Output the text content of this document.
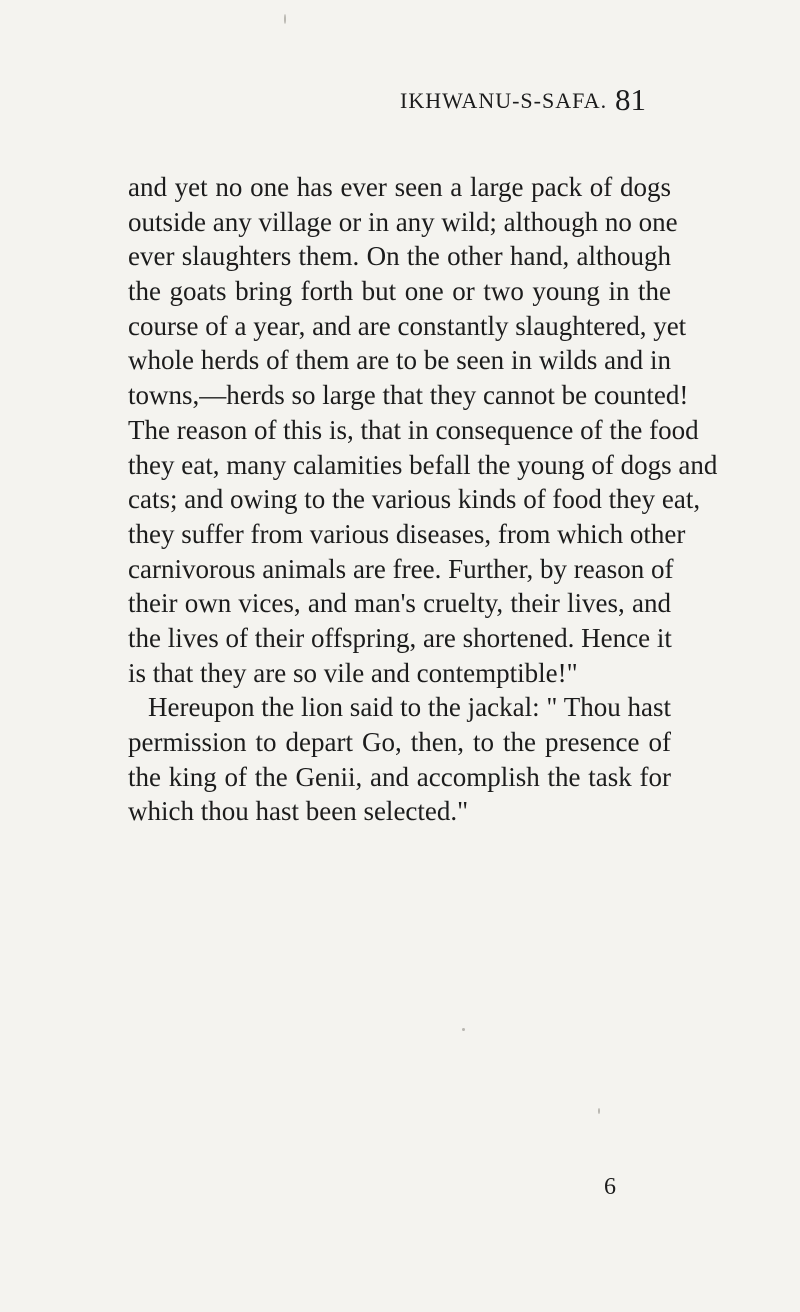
IKHWANU-S-SAFA. 81
and yet no one has ever seen a large pack of dogs
outside any village or in any wild; although no one
ever slaughters them. On the other hand, although
the goats bring forth but one or two young in the
course of a year, and are constantly slaughtered, yet
whole herds of them are to be seen in wilds and in
towns,—herds so large that they cannot be counted!
The reason of this is, that in consequence of the food
they eat, many calamities befall the young of dogs and
cats; and owing to the various kinds of food they eat,
they suffer from various diseases, from which other
carnivorous animals are free. Further, by reason of
their own vices, and man's cruelty, their lives, and
the lives of their offspring, are shortened. Hence it
is that they are so vile and contemptible!"
Hereupon the lion said to the jackal: " Thou hast
permission to depart Go, then, to the presence of
the king of the Genii, and accomplish the task for
which thou hast been selected."
6
